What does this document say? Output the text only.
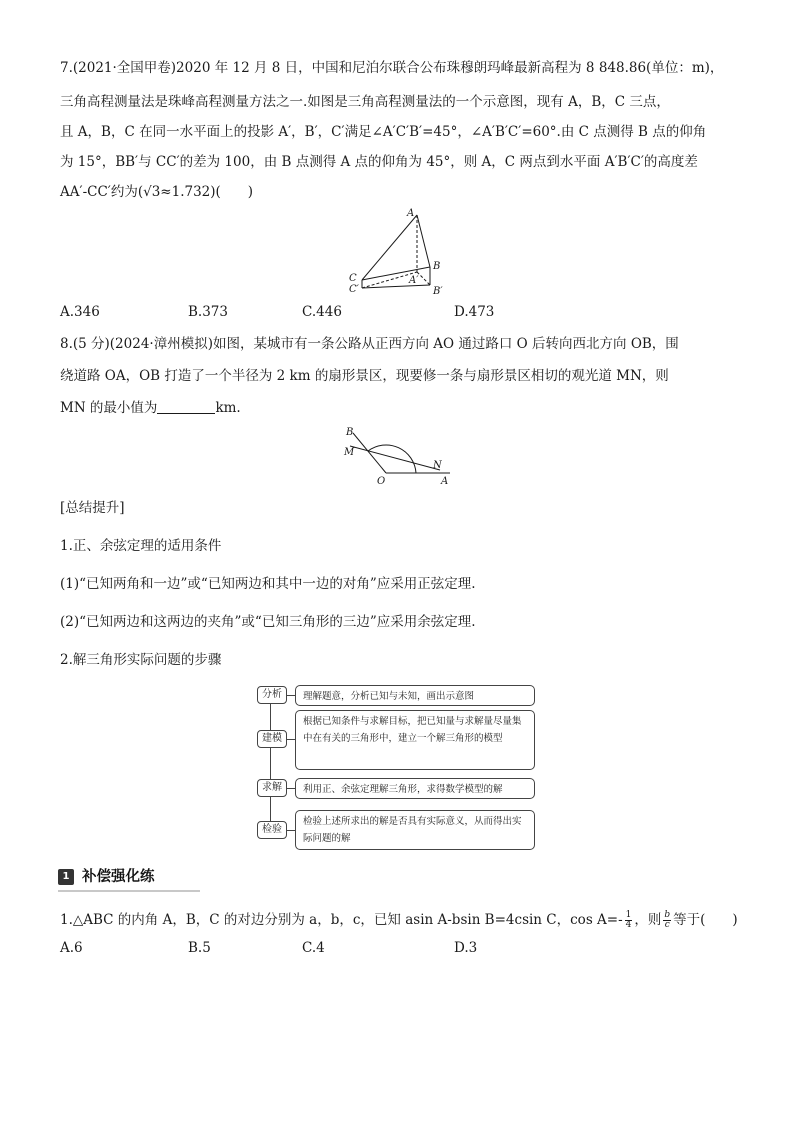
7.(2021·全国甲卷)2020 年 12 月 8 日，中国和尼泊尔联合公布珠穆朗玛峰最新高程为 8 848.86(单位：m)，
三角高程测量法是珠峰高程测量方法之一.如图是三角高程测量法的一个示意图，现有 A，B，C 三点，
且 A，B，C 在同一水平面上的投影 A′，B′，C′满足∠A′C′B′=45°，∠A′B′C′=60°.由 C 点测得 B 点的仰角
为 15°，BB′与 CC′的差为 100，由 B 点测得 A 点的仰角为 45°，则 A，C 两点到水平面 A′B′C′的高度差
AA′-CC′约为(√3≈1.732)(　　)
A
B
C
C′
A′
B′
A.346	B.373	C.446	D.473
8.(5 分)(2024·漳州模拟)如图，某城市有一条公路从正西方向 AO 通过路口 O 后转向西北方向 OB，围
绕道路 OA，OB 打造了一个半径为 2 km 的扇形景区，现要修一条与扇形景区相切的观光道 MN，则
MN 的最小值为	km.
B
M
O
N
A
[总结提升]
1.正、余弦定理的适用条件
(1)“已知两角和一边”或“已知两边和其中一边的对角”应采用正弦定理.
(2)“已知两边和这两边的夹角”或“已知三角形的三边”应采用余弦定理.
2.解三角形实际问题的步骤
分析	理解题意，分析已知与未知，画出示意图
建模
根据已知条件与求解目标，把已知量与求解量尽量集中在有关的三角形中，建立一个解三角形的模型
求解	利用正、余弦定理解三角形，求得数学模型的解
检验
检验上述所求出的解是否具有实际意义，从而得出实际问题的解
1 补偿强化练
1.△ABC 的内角 A，B，C 的对边分别为 a，b，c，已知 asin A-bsin B=4csin C，$\cos A=- \frac{1}{4}$ ，则 $\frac{b}{c}$ 等于(　　)
A.6	B.5	C.4	D.3
